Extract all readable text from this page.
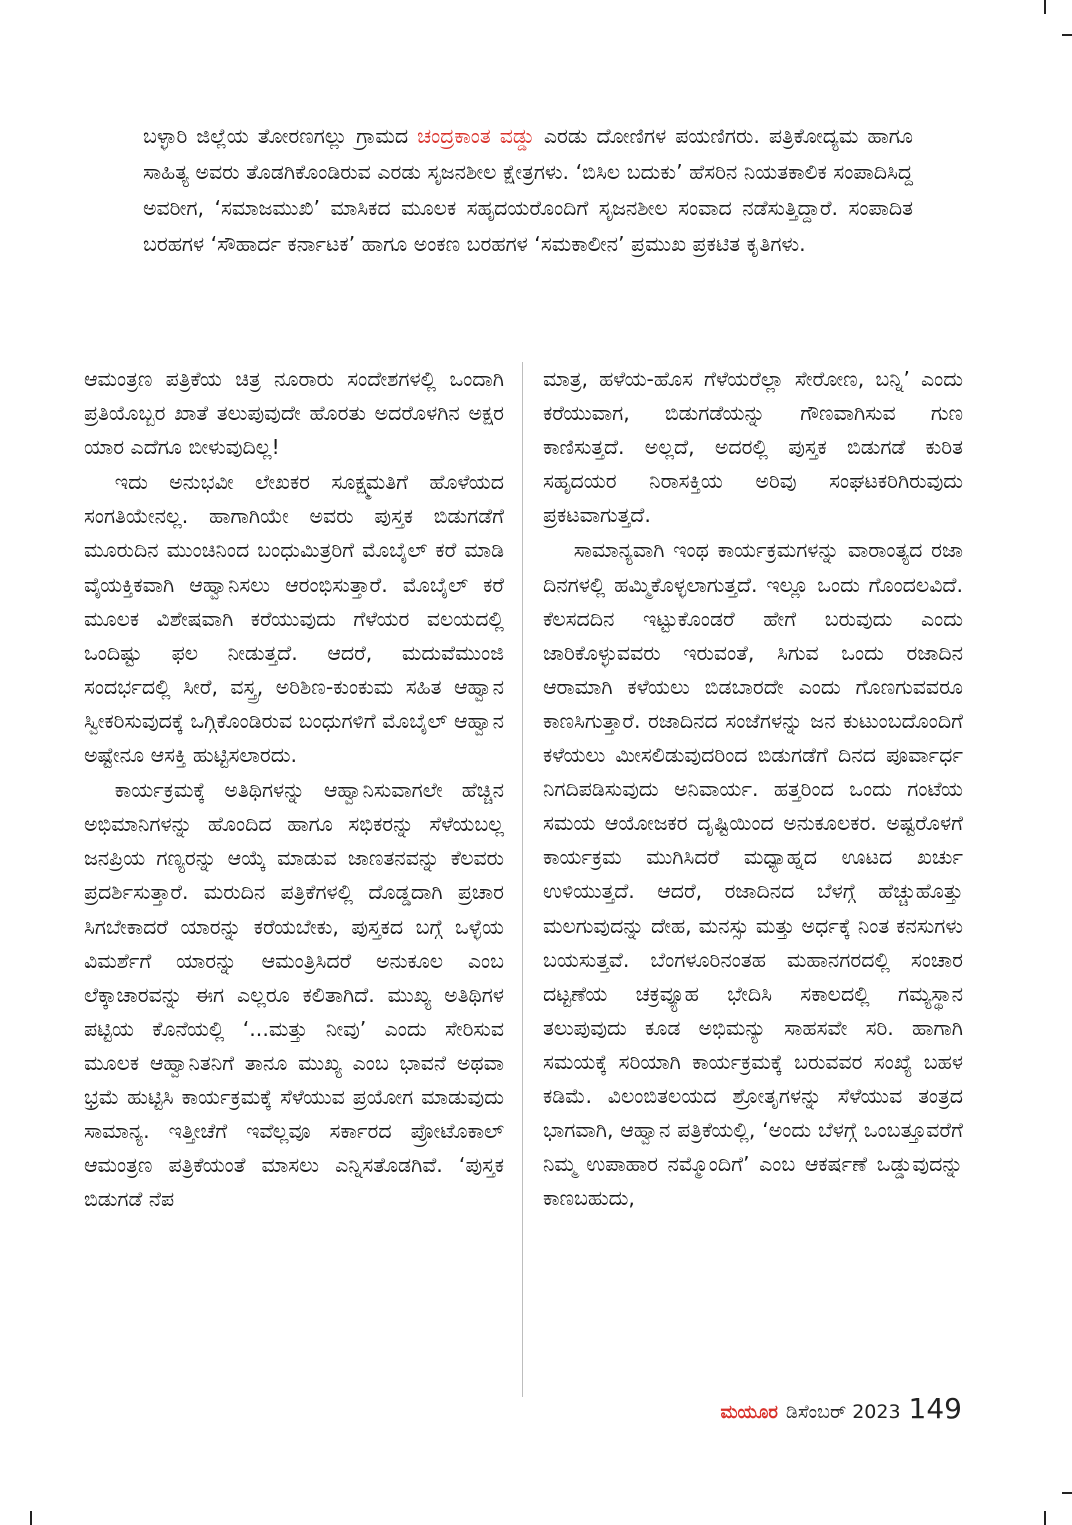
ಬಳ್ಳಾರಿ ಜಿಲ್ಲೆಯ ತೋರಣಗಲ್ಲು ಗ್ರಾಮದ ಚಂದ್ರಕಾಂತ ವಡ್ಡು ಎರಡು ದೋಣಿಗಳ ಪಯಣಿಗರು. ಪತ್ರಿಕೋದ್ಯಮ ಹಾಗೂ ಸಾಹಿತ್ಯ ಅವರು ತೊಡಗಿಕೊಂಡಿರುವ ಎರಡು ಸೃಜನಶೀಲ ಕ್ಷೇತ್ರಗಳು. ‘ಬಿಸಿಲ ಬದುಕು’ ಹೆಸರಿನ ನಿಯತಕಾಲಿಕ ಸಂಪಾದಿಸಿದ್ದ ಅವರೀಗ, ‘ಸಮಾಜಮುಖಿ’ ಮಾಸಿಕದ ಮೂಲಕ ಸಹೃದಯರೊಂದಿಗೆ ಸೃಜನಶೀಲ ಸಂವಾದ ನಡೆಸುತ್ತಿದ್ದಾರೆ. ಸಂಪಾದಿತ ಬರಹಗಳ ‘ಸೌಹಾರ್ದ ಕರ್ನಾಟಕ’ ಹಾಗೂ ಅಂಕಣ ಬರಹಗಳ ‘ಸಮಕಾಲೀನ’ ಪ್ರಮುಖ ಪ್ರಕಟಿತ ಕೃತಿಗಳು.

ಆಮಂತ್ರಣ ಪತ್ರಿಕೆಯ ಚಿತ್ರ ನೂರಾರು ಸಂದೇಶಗಳಲ್ಲಿ ಒಂದಾಗಿ ಪ್ರತಿಯೊಬ್ಬರ ಖಾತೆ ತಲುಪುವುದೇ ಹೊರತು ಅದರೊಳಗಿನ ಅಕ್ಷರ ಯಾರ ಎದೆಗೂ ಬೀಳುವುದಿಲ್ಲ!

ಇದು ಅನುಭವೀ ಲೇಖಕರ ಸೂಕ್ಷ್ಮಮತಿಗೆ ಹೊಳೆಯದ ಸಂಗತಿಯೇನಲ್ಲ. ಹಾಗಾಗಿಯೇ ಅವರು ಪುಸ್ತಕ ಬಿಡುಗಡೆಗೆ ಮೂರುದಿನ ಮುಂಚಿನಿಂದ ಬಂಧುಮಿತ್ರರಿಗೆ ಮೊಬೈಲ್ ಕರೆ ಮಾಡಿ ವೈಯಕ್ತಿಕವಾಗಿ ಆಹ್ವಾನಿಸಲು ಆರಂಭಿಸುತ್ತಾರೆ. ಮೊಬೈಲ್ ಕರೆ ಮೂಲಕ ವಿಶೇಷವಾಗಿ ಕರೆಯುವುದು ಗೆಳೆಯರ ವಲಯದಲ್ಲಿ ಒಂದಿಷ್ಟು ಫಲ ನೀಡುತ್ತದೆ. ಆದರೆ, ಮದುವೆಮುಂಜಿ ಸಂದರ್ಭದಲ್ಲಿ ಸೀರೆ, ವಸ್ತ್ರ, ಅರಿಶಿಣ-ಕುಂಕುಮ ಸಹಿತ ಆಹ್ವಾನ ಸ್ವೀಕರಿಸುವುದಕ್ಕೆ ಒಗ್ಗಿಕೊಂಡಿರುವ ಬಂಧುಗಳಿಗೆ ಮೊಬೈಲ್ ಆಹ್ವಾನ ಅಷ್ಟೇನೂ ಆಸಕ್ತಿ ಹುಟ್ಟಿಸಲಾರದು.

ಕಾರ್ಯಕ್ರಮಕ್ಕೆ ಅತಿಥಿಗಳನ್ನು ಆಹ್ವಾನಿಸುವಾಗಲೇ ಹೆಚ್ಚಿನ ಅಭಿಮಾನಿಗಳನ್ನು ಹೊಂದಿದ ಹಾಗೂ ಸಭಿಕರನ್ನು ಸೆಳೆಯಬಲ್ಲ ಜನಪ್ರಿಯ ಗಣ್ಯರನ್ನು ಆಯ್ಕೆ ಮಾಡುವ ಜಾಣತನವನ್ನು ಕೆಲವರು ಪ್ರದರ್ಶಿಸುತ್ತಾರೆ. ಮರುದಿನ ಪತ್ರಿಕೆಗಳಲ್ಲಿ ದೊಡ್ಡದಾಗಿ ಪ್ರಚಾರ ಸಿಗಬೇಕಾದರೆ ಯಾರನ್ನು ಕರೆಯಬೇಕು, ಪುಸ್ತಕದ ಬಗ್ಗೆ ಒಳ್ಳೆಯ ವಿಮರ್ಶೆಗೆ ಯಾರನ್ನು ಆಮಂತ್ರಿಸಿದರೆ ಅನುಕೂಲ ಎಂಬ ಲೆಕ್ಕಾಚಾರವನ್ನು ಈಗ ಎಲ್ಲರೂ ಕಲಿತಾಗಿದೆ. ಮುಖ್ಯ ಅತಿಥಿಗಳ ಪಟ್ಟಿಯ ಕೊನೆಯಲ್ಲಿ ‘...ಮತ್ತು ನೀವು’ ಎಂದು ಸೇರಿಸುವ ಮೂಲಕ ಆಹ್ವಾನಿತನಿಗೆ ತಾನೂ ಮುಖ್ಯ ಎಂಬ ಭಾವನೆ ಅಥವಾ ಭ್ರಮೆ ಹುಟ್ಟಿಸಿ ಕಾರ್ಯಕ್ರಮಕ್ಕೆ ಸೆಳೆಯುವ ಪ್ರಯೋಗ ಮಾಡುವುದು ಸಾಮಾನ್ಯ. ಇತ್ತೀಚೆಗೆ ಇವೆಲ್ಲವೂ ಸರ್ಕಾರದ ಪ್ರೋಟೊಕಾಲ್ ಆಮಂತ್ರಣ ಪತ್ರಿಕೆಯಂತೆ ಮಾಸಲು ಎನ್ನಿಸತೊಡಗಿವೆ. ‘ಪುಸ್ತಕ ಬಿಡುಗಡೆ ನೆಪ

ಮಾತ್ರ, ಹಳೆಯ-ಹೊಸ ಗೆಳೆಯರೆಲ್ಲಾ ಸೇರೋಣ, ಬನ್ನಿ’ ಎಂದು ಕರೆಯುವಾಗ, ಬಿಡುಗಡೆಯನ್ನು ಗೌಣವಾಗಿಸುವ ಗುಣ ಕಾಣಿಸುತ್ತದೆ. ಅಲ್ಲದೆ, ಅದರಲ್ಲಿ ಪುಸ್ತಕ ಬಿಡುಗಡೆ ಕುರಿತ ಸಹೃದಯರ ನಿರಾಸಕ್ತಿಯ ಅರಿವು ಸಂಘಟಕರಿಗಿರುವುದು ಪ್ರಕಟವಾಗುತ್ತದೆ.

ಸಾಮಾನ್ಯವಾಗಿ ಇಂಥ ಕಾರ್ಯಕ್ರಮಗಳನ್ನು ವಾರಾಂತ್ಯದ ರಜಾ ದಿನಗಳಲ್ಲಿ ಹಮ್ಮಿಕೊಳ್ಳಲಾಗುತ್ತದೆ. ಇಲ್ಲೂ ಒಂದು ಗೊಂದಲವಿದೆ. ಕೆಲಸದದಿನ ಇಟ್ಟುಕೊಂಡರೆ ಹೇಗೆ ಬರುವುದು ಎಂದು ಜಾರಿಕೊಳ್ಳುವವರು ಇರುವಂತೆ, ಸಿಗುವ ಒಂದು ರಜಾದಿನ ಆರಾಮಾಗಿ ಕಳೆಯಲು ಬಿಡಬಾರದೇ ಎಂದು ಗೊಣಗುವವರೂ ಕಾಣಸಿಗುತ್ತಾರೆ. ರಜಾದಿನದ ಸಂಜೆಗಳನ್ನು ಜನ ಕುಟುಂಬದೊಂದಿಗೆ ಕಳೆಯಲು ಮೀಸಲಿಡುವುದರಿಂದ ಬಿಡುಗಡೆಗೆ ದಿನದ ಪೂರ್ವಾರ್ಧ ನಿಗದಿಪಡಿಸುವುದು ಅನಿವಾರ್ಯ. ಹತ್ತರಿಂದ ಒಂದು ಗಂಟೆಯ ಸಮಯ ಆಯೋಜಕರ ದೃಷ್ಟಿಯಿಂದ ಅನುಕೂಲಕರ. ಅಷ್ಟರೊಳಗೆ ಕಾರ್ಯಕ್ರಮ ಮುಗಿಸಿದರೆ ಮಧ್ಯಾಹ್ನದ ಊಟದ ಖರ್ಚು ಉಳಿಯುತ್ತದೆ. ಆದರೆ, ರಜಾದಿನದ ಬೆಳಗ್ಗೆ ಹೆಚ್ಚುಹೊತ್ತು ಮಲಗುವುದನ್ನು ದೇಹ, ಮನಸ್ಸು ಮತ್ತು ಅರ್ಧಕ್ಕೆ ನಿಂತ ಕನಸುಗಳು ಬಯಸುತ್ತವೆ. ಬೆಂಗಳೂರಿನಂತಹ ಮಹಾನಗರದಲ್ಲಿ ಸಂಚಾರ ದಟ್ಟಣೆಯ ಚಕ್ರವ್ಯೂಹ ಭೇದಿಸಿ ಸಕಾಲದಲ್ಲಿ ಗಮ್ಯಸ್ಥಾನ ತಲುಪುವುದು ಕೂಡ ಅಭಿಮನ್ಯು ಸಾಹಸವೇ ಸರಿ. ಹಾಗಾಗಿ ಸಮಯಕ್ಕೆ ಸರಿಯಾಗಿ ಕಾರ್ಯಕ್ರಮಕ್ಕೆ ಬರುವವರ ಸಂಖ್ಯೆ ಬಹಳ ಕಡಿಮೆ. ವಿಲಂಬಿತಲಯದ ಶ್ರೋತೃಗಳನ್ನು ಸೆಳೆಯುವ ತಂತ್ರದ ಭಾಗವಾಗಿ, ಆಹ್ವಾನ ಪತ್ರಿಕೆಯಲ್ಲಿ, ‘ಅಂದು ಬೆಳಗ್ಗೆ ಒಂಬತ್ತೂವರೆಗೆ ನಿಮ್ಮ ಉಪಾಹಾರ ನಮ್ಮೊಂದಿಗೆ’ ಎಂಬ ಆಕರ್ಷಣೆ ಒಡ್ಡುವುದನ್ನು ಕಾಣಬಹುದು,

ಮಯೂರ ಡಿಸೆಂಬರ್ 2023 149
